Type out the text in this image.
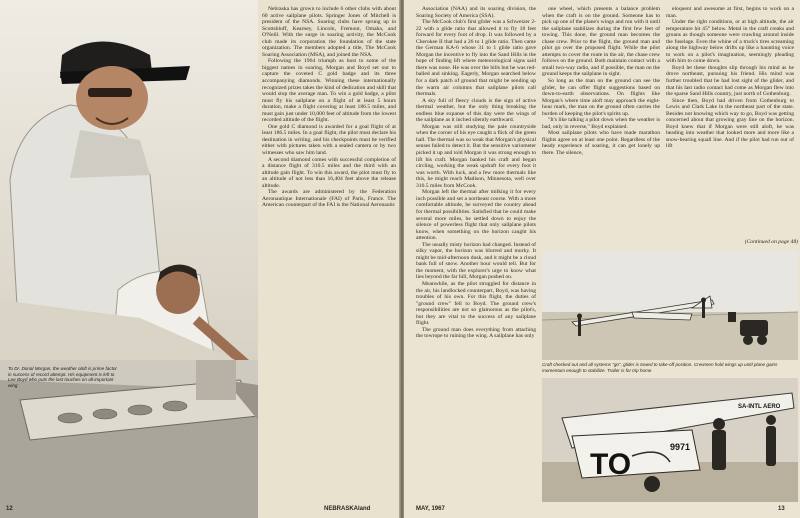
To Dr. Donal Morgan, the weather aloft is prime factor in success of record attempt. His equipment is left to Lee Boyd who puts the last touches on all-important wing

Nebraska has grown to include 6 other clubs with about 60 active sailplane pilots. Springer Jones of Mitchell is president of the NSA. Soaring clubs have sprung up in Scottsbluff, Kearney, Lincoln, Fremont, Omaha, and O'Neill. With the surge in soaring activity, the McCook club made its corporation the foundation of the state organization. The members adopted a title, The McCook Soaring Association (MSA), and joined the NSA.

Following the 1964 triumph as host to some of the biggest names in soaring, Morgan and Boyd set out to capture the coveted C gold badge and its three accompanying diamonds. Winning these internationally recognized prizes takes the kind of dedication and skill that would stop the average man. To win a gold badge, a pilot must fly his sailplane on a flight of at least 5 hours duration, make a flight covering at least 186.5 miles, and must gain just under 10,000 feet of altitude from the lowest recorded altitude of the flight.

One gold C diamond is awarded for a goal flight of at least 186.5 miles. In a goal flight, the pilot must declare his destination in writing, and his checkpoints must be verified either with pictures taken with a sealed camera or by two witnesses who saw him land.

A second diamond comes with successful completion of a distance flight of 310.5 miles and the third with an altitude gain flight. To win this award, the pilot must fly to an altitude of not less than 16,404 feet above the release altitude.

The awards are administered by the Federation Aeronautique Internationale (FAI) of Paris, France. The American counterpart of the FAI is the National Aeronautic

12	NEBRASKAland

Association (NAA) and its soaring division, the Soaring Society of America (SSA).

The McCook club's first glider was a Schweizer 2-22 with a glide ratio that allowed it to fly 18 feet forward for every foot of drop. It was followed by a Cherokee II that had a 26 to 1 glide ratio. Then came the German KA-6 whose 31 to 1 glide ratio gave Morgan the incentive to fly into the Sand Hills in the hope of finding lift where meteorological signs said there was none. He was over the hills but he was red-balled and sinking. Eagerly, Morgan searched below for a dark patch of ground that might be sending up the warm air columns that sailplane pilots call thermals.

A sky full of fleecy clouds is the sign of active thermal weather, but the only thing breaking the endless blue expanse of this day were the wings of the sailplane as it inched silently earthward.

Morgan was still studying the pale countryside when the corner of his eye caught a flick of the green hall. The thermal was so weak that Morgan's physical senses failed to detect it. But the sensitive variometer picked it up and told Morgan it was strong enough to lift his craft. Morgan banked his craft and began circling, working the weak updraft for every foot it was worth. With luck, and a few more thermals like this, he might reach Madison, Minnesota, well over 310.5 miles from McCook.

Morgan left the thermal after milking it for every inch possible and set a northeast course. With a more comfortable altitude, he surveyed the country ahead for thermal possibilities. Satisfied that he could make several more miles, he settled down to enjoy the silence of powerless flight that only sailplane pilots know, when something on the horizon caught his attention.

The usually misty horizon had changed. Instead of silky vapor, the horizon was blurred and murky. It might be mid-afternoon dusk, and it might be a cloud bank full of snow. Another hour would tell. But for the moment, with the explorer's urge to know what lies beyond the far hill, Morgan pushed on.

Meanwhile, as the pilot struggled for distance in the air, his landlocked counterpart, Boyd, was having troubles of his own. For this flight, the duties of "ground crew" fell to Boyd. The ground crew's responsibilities are not so glamorous as the pilot's, but they are vital to the success of any sailplane flight.

The ground man does everything from attaching the towrope to ruining the wing. A sailplane has only

one wheel, which presents a balance problem when the craft is on the ground. Someone has to pick up one of the plane's wings and run with it until the sailplane stabilizes during the first few feet of towing. This done, the ground man becomes the chase crew. Prior to the flight, the ground man and pilot go over the proposed flight. While the pilot attempts to cover the route in the air, the chase crew follows on the ground. Both maintain contact with a small two-way radio, and if possible, the man on the ground keeps the sailplane in sight.

So long as the man on the ground can see the glider, he can offer flight suggestions based on down-to-earth observations. On flights like Morgan's where time aloft may approach the eight-hour mark, the man on the ground often carries the burden of keeping the pilot's spirits up.

"It's like talking a pilot down when the weather is bad, only in reverse," Boyd explained.

Most sailplane pilots who have made marathon flights agree on at least one point. Regardless of the heady experience of soaring, it can get lonely up there. The silence,

eloquent and awesome at first, begins to work on a man.

Under the right conditions, or at high altitude, the air temperature hit 45° below. Metal in the craft creaks and groans as though someone were crawling around inside the fuselage. Even the whine of a truck's tires screaming along the highway below drifts up like a haunting voice to work on a pilot's imagination, seemingly pleading with him to come down.

Boyd let these thoughts slip through his mind as he drove northeast, pursuing his friend. His mind was further troubled that he had lost sight of the glider, and that his last radio contact had come as Morgan flew into the sparse Sand Hills country, just north of Gothenburg.

Since then, Boyd had driven from Gothenburg to Lewis and Clark Lake in the northeast part of the state. Besides not knowing which way to go, Boyd was getting concerned about that growing gray line on the horizon. Boyd knew that if Morgan were still aloft, he was heading into weather that looked more and more like a snow-bearing squall line. And if the pilot had run out of lift

(Continued on page 48)
Craft checked out and all systems "go", glider is towed to take-off position. Crewmen hold wings up until plane gains momentum enough to stabilize. Trailer is for trip home
TO
9971
SA-INTL AERO
MAY, 1967	13
